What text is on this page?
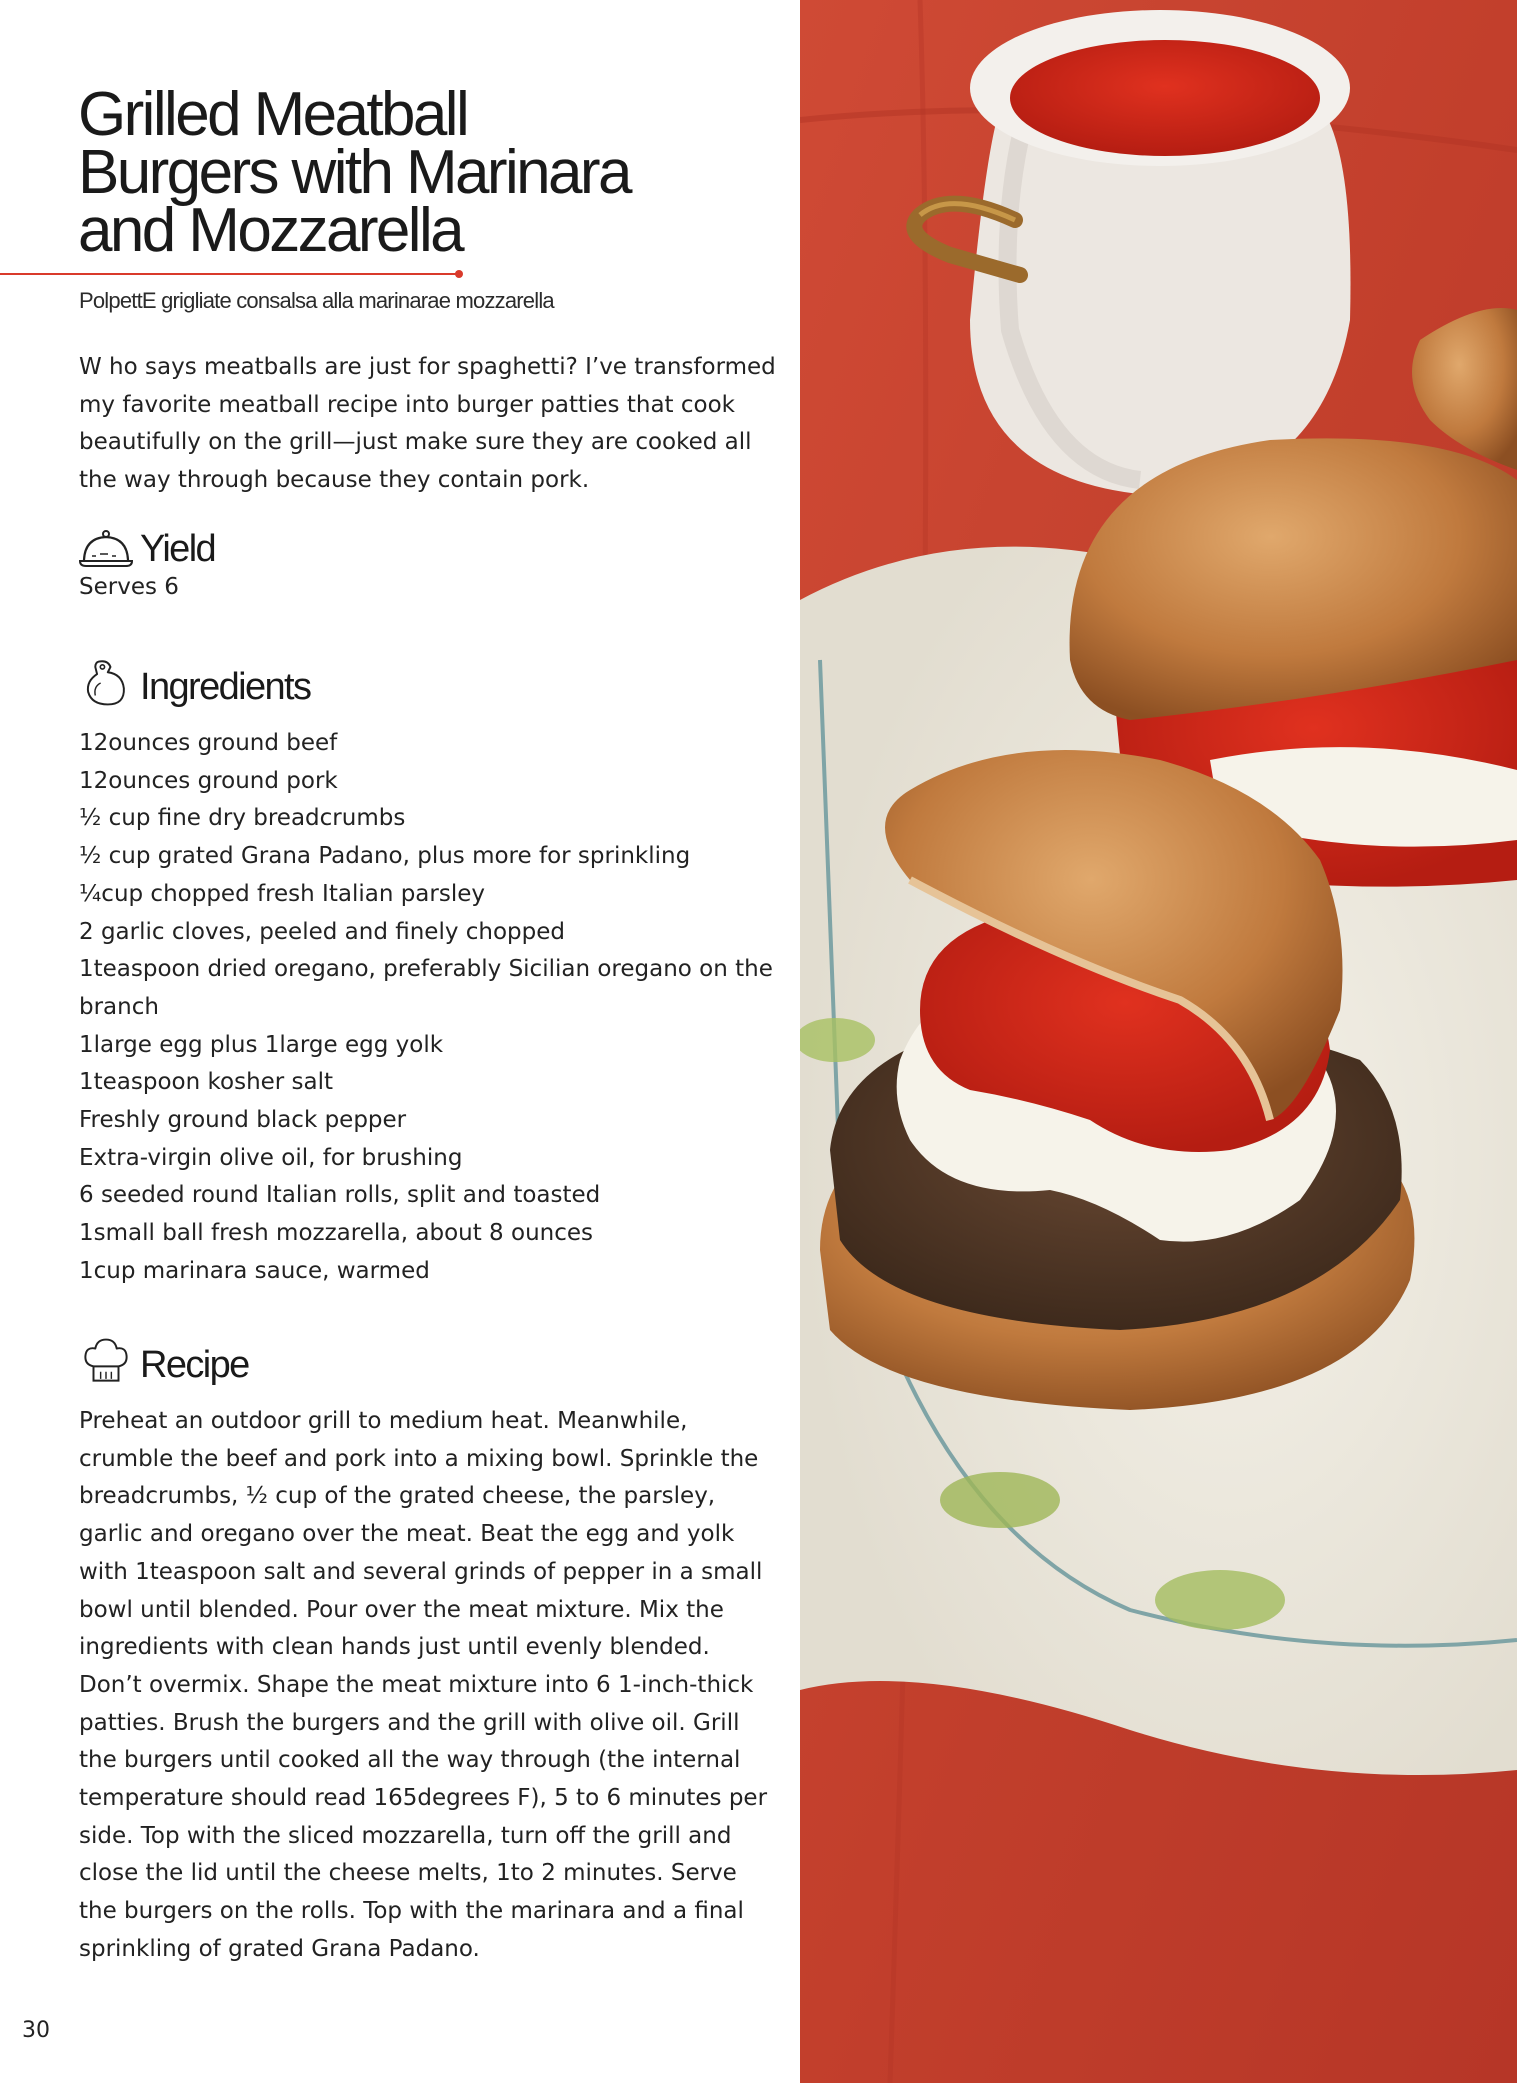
Grilled Meatball
Burgers with Marinara
and Mozzarella
PolpettE grigliate consalsa alla marinarae mozzarella

W ho says meatballs are just for spaghetti? I’ve transformed my favorite meatball recipe into burger patties that cook beautifully on the grill—just make sure they are cooked all the way through because they contain pork.

Yield
Serves 6
Ingredients
12ounces ground beef
12ounces ground pork
½ cup fine dry breadcrumbs
½ cup grated Grana Padano, plus more for sprinkling
¼cup chopped fresh Italian parsley
2 garlic cloves, peeled and finely chopped
1teaspoon dried oregano, preferably Sicilian oregano on the branch
1large egg plus 1large egg yolk
1teaspoon kosher salt
Freshly ground black pepper
Extra-virgin olive oil, for brushing
6 seeded round Italian rolls, split and toasted
1small ball fresh mozzarella, about 8 ounces
1cup marinara sauce, warmed
Recipe

Preheat an outdoor grill to medium heat. Meanwhile, crumble the beef and pork into a mixing bowl. Sprinkle the breadcrumbs, ½ cup of the grated cheese, the parsley, garlic and oregano over the meat. Beat the egg and yolk with 1teaspoon salt and several grinds of pepper in a small bowl until blended. Pour over the meat mixture. Mix the ingredients with clean hands just until evenly blended. Don’t overmix. Shape the meat mixture into 6 1-inch-thick patties. Brush the burgers and the grill with olive oil. Grill the burgers until cooked all the way through (the internal temperature should read 165degrees F), 5 to 6 minutes per side. Top with the sliced mozzarella, turn off the grill and close the lid until the cheese melts, 1to 2 minutes. Serve the burgers on the rolls. Top with the marinara and a final sprinkling of grated Grana Padano.

30
